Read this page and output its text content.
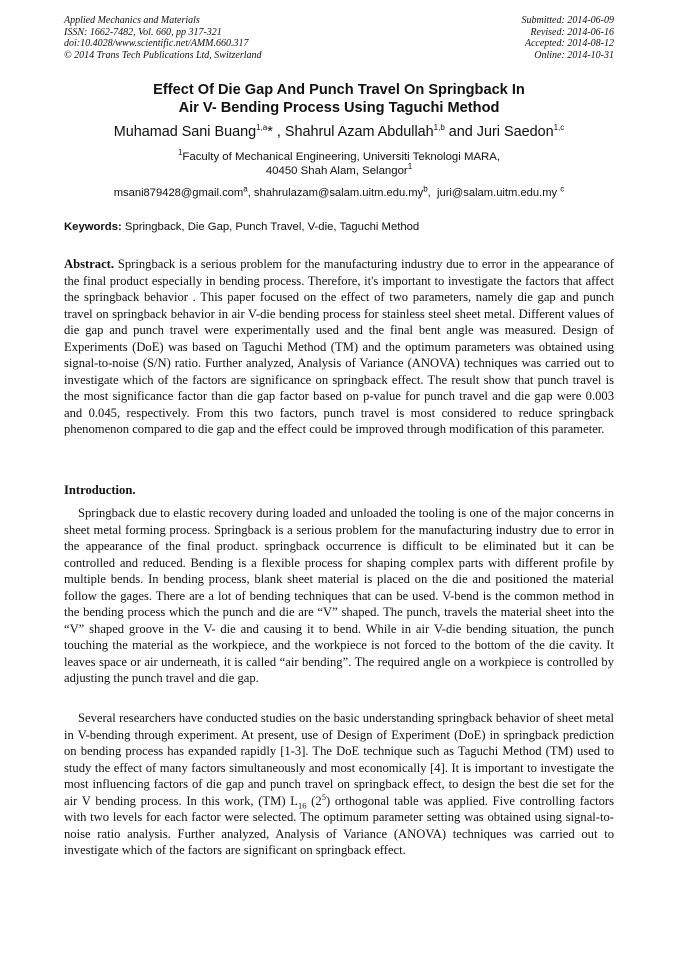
Applied Mechanics and Materials
ISSN: 1662-7482, Vol. 660, pp 317-321
doi:10.4028/www.scientific.net/AMM.660.317
© 2014 Trans Tech Publications Ltd, Switzerland
Submitted: 2014-06-09
Revised: 2014-06-16
Accepted: 2014-08-12
Online: 2014-10-31
Effect Of Die Gap And Punch Travel On Springback In
Air V- Bending Process Using Taguchi Method
Muhamad Sani Buang$^{1,a}$* , Shahrul Azam Abdullah$^{1,b}$ and Juri Saedon$^{1,c}$
$^1$Faculty of Mechanical Engineering, Universiti Teknologi MARA,
40450 Shah Alam, Selangor$^1$
msani879428@gmail.com$^a$, $shahrulazam@salam.uitm.edu.my^b$,  juri@salam.uitm.edu.my $^c$
Keywords: Springback, Die Gap, Punch Travel, V-die, Taguchi Method

Abstract. Springback is a serious problem for the manufacturing industry due to error in the appearance of the final product especially in bending process. Therefore, it's important to investigate the factors that affect the springback behavior . This paper focused on the effect of two parameters, namely die gap and punch travel on springback behavior in air V-die bending process for stainless steel sheet metal. Different values of die gap and punch travel were experimentally used and the final bent angle was measured. Design of Experiments (DoE) was based on Taguchi Method (TM) and the optimum parameters was obtained using signal-to-noise (S/N) ratio. Further analyzed, Analysis of Variance (ANOVA) techniques was carried out to investigate which of the factors are significance on springback effect. The result show that punch travel is the most significance factor than die gap factor based on p-value for punch travel and die gap were 0.003 and 0.045, respectively. From this two factors, punch travel is most considered to reduce springback phenomenon compared to die gap and the effect could be improved through modification of this parameter.

Introduction.

Springback due to elastic recovery during loaded and unloaded the tooling is one of the major concerns in sheet metal forming process. Springback is a serious problem for the manufacturing industry due to error in the appearance of the final product. springback occurrence is difficult to be eliminated but it can be controlled and reduced. Bending is a flexible process for shaping complex parts with different profile by multiple bends. In bending process, blank sheet material is placed on the die and positioned the material follow the gages. There are a lot of bending techniques that can be used. V-bend is the common method in the bending process which the punch and die are “V” shaped. The punch, travels the material sheet into the “V” shaped groove in the V- die and causing it to bend. While in air V-die bending situation, the punch touching the material as the workpiece, and the workpiece is not forced to the bottom of the die cavity. It leaves space or air underneath, it is called “air bending”. The required angle on a workpiece is controlled by adjusting the punch travel and die gap.

Several researchers have conducted studies on the basic understanding springback behavior of sheet metal in V-bending through experiment. At present, use of Design of Experiment (DoE) in springback prediction on bending process has expanded rapidly [1-3]. The DoE technique such as Taguchi Method (TM) used to study the effect of many factors simultaneously and most economically [4]. It is important to investigate the most influencing factors of die gap and punch travel on springback effect, to design the best die set for the air V bending process. In this work, (TM) $L_{16}$ $(2^5)$ orthogonal table was applied. Five controlling factors with two levels for each factor were selected. The optimum parameter setting was obtained using signal-to-noise ratio analysis. Further analyzed, Analysis of Variance (ANOVA) techniques was carried out to investigate which of the factors are significant on springback effect.
